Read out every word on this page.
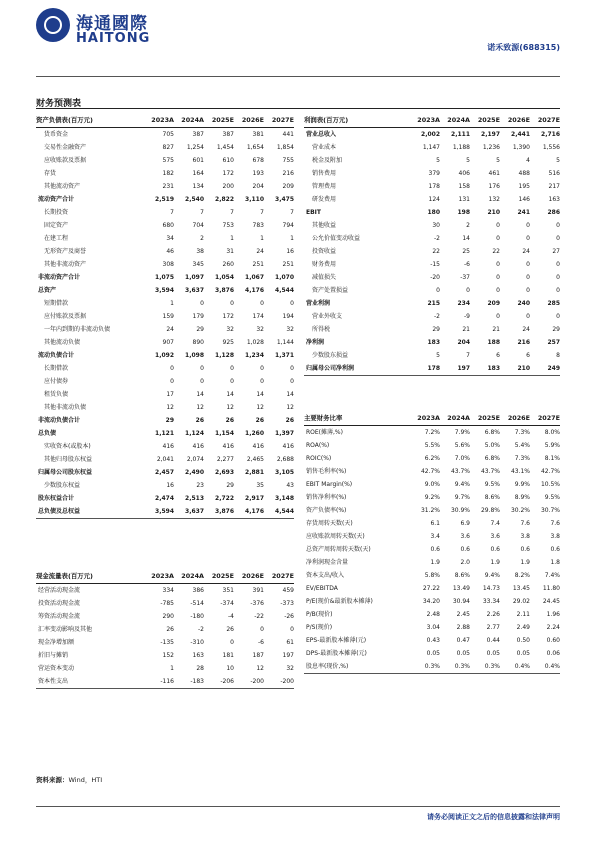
海通國際
HAITONG
诺禾致源(688315)
财务预测表
资产负债表(百万元)	2023A	2024A	2025E	2026E	2027E
货币资金	705	387	387	381	441
交易性金融资产	827	1,254	1,454	1,654	1,854
应收账款及票据	575	601	610	678	755
存货	182	164	172	193	216
其他流动资产	231	134	200	204	209
流动资产合计	2,519	2,540	2,822	3,110	3,475
长期投资	7	7	7	7	7
固定资产	680	704	753	783	794
在建工程	34	2	1	1	1
无形资产及商誉	46	38	31	24	16
其他非流动资产	308	345	260	251	251
非流动资产合计	1,075	1,097	1,054	1,067	1,070
总资产	3,594	3,637	3,876	4,176	4,544
短期借款	1	0	0	0	0
应付账款及票据	159	179	172	174	194
一年内到期的非流动负债	24	29	32	32	32
其他流动负债	907	890	925	1,028	1,144
流动负债合计	1,092	1,098	1,128	1,234	1,371
长期借款	0	0	0	0	0
应付债券	0	0	0	0	0
租赁负债	17	14	14	14	14
其他非流动负债	12	12	12	12	12
非流动负债合计	29	26	26	26	26
总负债	1,121	1,124	1,154	1,260	1,397
实收资本(或股本)	416	416	416	416	416
其他归母股东权益	2,041	2,074	2,277	2,465	2,688
归属母公司股东权益	2,457	2,490	2,693	2,881	3,105
少数股东权益	16	23	29	35	43
股东权益合计	2,474	2,513	2,722	2,917	3,148
总负债及总权益	3,594	3,637	3,876	4,176	4,544
利润表(百万元)	2023A	2024A	2025E	2026E	2027E
营业总收入	2,002	2,111	2,197	2,441	2,716
营业成本	1,147	1,188	1,236	1,390	1,556
税金及附加	5	5	5	4	5
销售费用	379	406	461	488	516
管理费用	178	158	176	195	217
研发费用	124	131	132	146	163
EBIT	180	198	210	241	286
其他收益	30	2	0	0	0
公允价值变动收益	-2	14	0	0	0
投资收益	22	25	22	24	27
财务费用	-15	-6	0	0	0
减值损失	-20	-37	0	0	0
资产处置损益	0	0	0	0	0
营业利润	215	234	209	240	285
营业外收支	-2	-9	0	0	0
所得税	29	21	21	24	29
净利润	183	204	188	216	257
少数股东损益	5	7	6	6	8
归属母公司净利润	178	197	183	210	249
主要财务比率	2023A	2024A	2025E	2026E	2027E
ROE(摊薄,%)	7.2%	7.9%	6.8%	7.3%	8.0%
ROA(%)	5.5%	5.6%	5.0%	5.4%	5.9%
ROIC(%)	6.2%	7.0%	6.8%	7.3%	8.1%
销售毛利率(%)	42.7%	43.7%	43.7%	43.1%	42.7%
EBIT Margin(%)	9.0%	9.4%	9.5%	9.9%	10.5%
销售净利率(%)	9.2%	9.7%	8.6%	8.9%	9.5%
资产负债率(%)	31.2%	30.9%	29.8%	30.2%	30.7%
存货周转天数(天)	6.1	6.9	7.4	7.6	7.6
应收账款周转天数(天)	3.4	3.6	3.6	3.8	3.8
总资产周转周转天数(天)	0.6	0.6	0.6	0.6	0.6
净利润现金含量	1.9	2.0	1.9	1.9	1.8
资本支出/收入	5.8%	8.6%	9.4%	8.2%	7.4%
EV/EBITDA	27.22	13.49	14.73	13.45	11.80
P/E(现价&最新股本摊薄)	34.20	30.94	33.34	29.02	24.45
P/B(现价)	2.48	2.45	2.26	2.11	1.96
P/S(现价)	3.04	2.88	2.77	2.49	2.24
EPS-最新股本摊薄(元)	0.43	0.47	0.44	0.50	0.60
DPS-最新股本摊薄(元)	0.05	0.05	0.05	0.05	0.06
股息率(现价,%)	0.3%	0.3%	0.3%	0.4%	0.4%
现金流量表(百万元)	2023A	2024A	2025E	2026E	2027E
经营活动现金流	334	386	351	391	459
投资活动现金流	-785	-514	-374	-376	-373
筹资活动现金流	290	-180	-4	-22	-26
汇率变动影响及其他	26	-2	26	0	0
现金净增加额	-135	-310	0	-6	61
折旧与摊销	152	163	181	187	197
营运资本变动	1	28	10	12	32
资本性支出	-116	-183	-206	-200	-200
资料来源：Wind，HTI
请务必阅读正文之后的信息披露和法律声明
